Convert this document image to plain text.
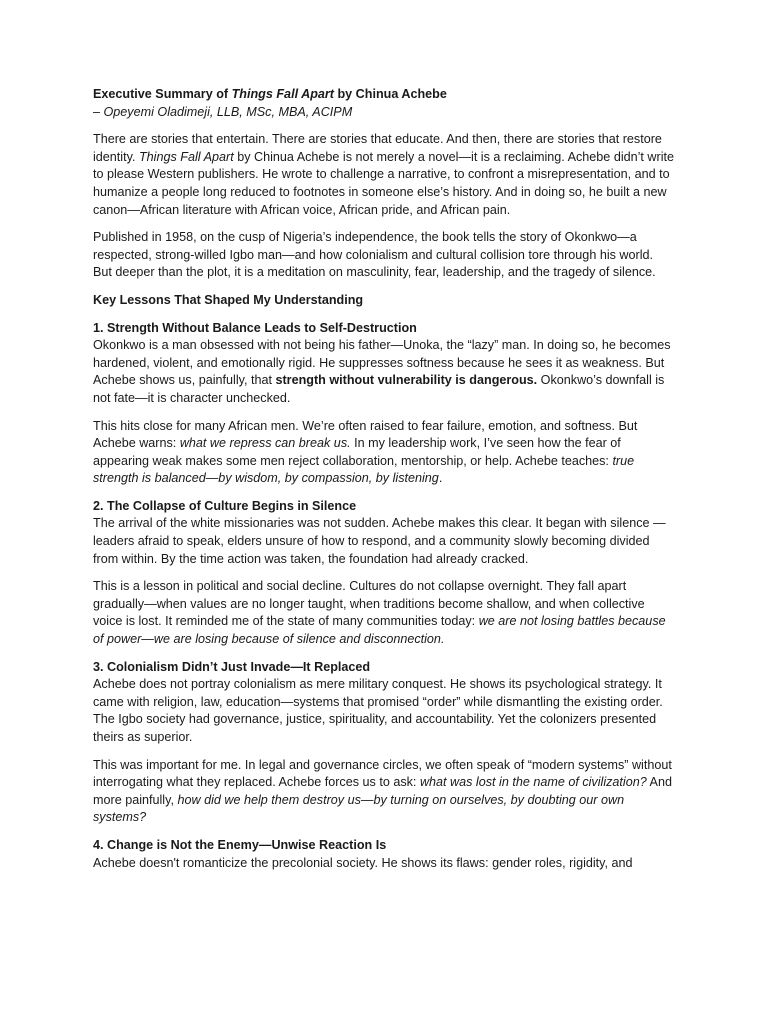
Executive Summary of Things Fall Apart by Chinua Achebe

– Opeyemi Oladimeji, LLB, MSc, MBA, ACIPM

There are stories that entertain. There are stories that educate. And then, there are stories that restore identity. Things Fall Apart by Chinua Achebe is not merely a novel—it is a reclaiming. Achebe didn’t write to please Western publishers. He wrote to challenge a narrative, to confront a misrepresentation, and to humanize a people long reduced to footnotes in someone else’s history. And in doing so, he built a new canon—African literature with African voice, African pride, and African pain.

Published in 1958, on the cusp of Nigeria’s independence, the book tells the story of Okonkwo—a respected, strong-willed Igbo man—and how colonialism and cultural collision tore through his world. But deeper than the plot, it is a meditation on masculinity, fear, leadership, and the tragedy of silence.

Key Lessons That Shaped My Understanding

1. Strength Without Balance Leads to Self-Destruction

Okonkwo is a man obsessed with not being his father—Unoka, the “lazy” man. In doing so, he becomes hardened, violent, and emotionally rigid. He suppresses softness because he sees it as weakness. But Achebe shows us, painfully, that strength without vulnerability is dangerous. Okonkwo’s downfall is not fate—it is character unchecked.

This hits close for many African men. We’re often raised to fear failure, emotion, and softness. But Achebe warns: what we repress can break us. In my leadership work, I’ve seen how the fear of appearing weak makes some men reject collaboration, mentorship, or help. Achebe teaches: true strength is balanced—by wisdom, by compassion, by listening.

2. The Collapse of Culture Begins in Silence

The arrival of the white missionaries was not sudden. Achebe makes this clear. It began with silence —leaders afraid to speak, elders unsure of how to respond, and a community slowly becoming divided from within. By the time action was taken, the foundation had already cracked.

This is a lesson in political and social decline. Cultures do not collapse overnight. They fall apart gradually—when values are no longer taught, when traditions become shallow, and when collective voice is lost. It reminded me of the state of many communities today: we are not losing battles because of power—we are losing because of silence and disconnection.

3. Colonialism Didn’t Just Invade—It Replaced

Achebe does not portray colonialism as mere military conquest. He shows its psychological strategy. It came with religion, law, education—systems that promised “order” while dismantling the existing order. The Igbo society had governance, justice, spirituality, and accountability. Yet the colonizers presented theirs as superior.

This was important for me. In legal and governance circles, we often speak of “modern systems” without interrogating what they replaced. Achebe forces us to ask: what was lost in the name of civilization? And more painfully, how did we help them destroy us—by turning on ourselves, by doubting our own systems?

4. Change is Not the Enemy—Unwise Reaction Is

Achebe doesn't romanticize the precolonial society. He shows its flaws: gender roles, rigidity, and
